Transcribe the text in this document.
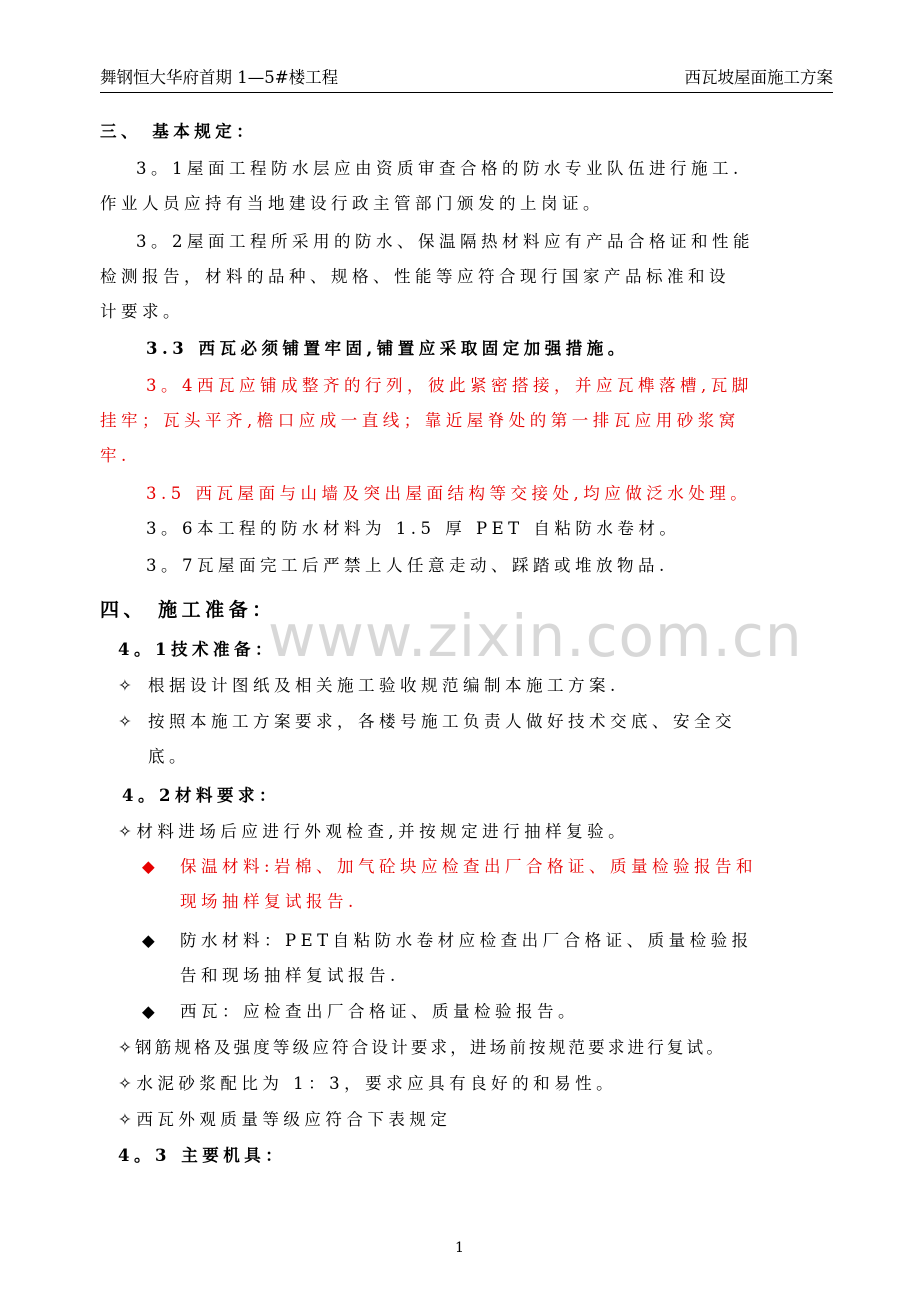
舞钢恒大华府首期 1—5#楼工程	西瓦坡屋面施工方案
www.zixin.com.cn
三、 基本规定：
3。1屋面工程防水层应由资质审查合格的防水专业队伍进行施工.
作业人员应持有当地建设行政主管部门颁发的上岗证。
3。2屋面工程所采用的防水、保温隔热材料应有产品合格证和性能
检测报告，材料的品种、规格、性能等应符合现行国家产品标准和设
计要求。
3.3 西瓦必须铺置牢固,铺置应采取固定加强措施。
3。4西瓦应铺成整齐的行列，彼此紧密搭接，并应瓦榫落槽,瓦脚
挂牢；瓦头平齐,檐口应成一直线；靠近屋脊处的第一排瓦应用砂浆窝
牢.
3.5 西瓦屋面与山墙及突出屋面结构等交接处,均应做泛水处理。
3。6本工程的防水材料为 1.5 厚 PET 自粘防水卷材。
3。7瓦屋面完工后严禁上人任意走动、踩踏或堆放物品.
四、 施工准备：
4。1技术准备：
✧ 根据设计图纸及相关施工验收规范编制本施工方案.
✧ 按照本施工方案要求，各楼号施工负责人做好技术交底、安全交
底。
4。2材料要求：
✧材料进场后应进行外观检查,并按规定进行抽样复验。
◆ 保温材料:岩棉、加气砼块应检查出厂合格证、质量检验报告和
现场抽样复试报告.
◆ 防水材料：PET自粘防水卷材应检查出厂合格证、质量检验报
告和现场抽样复试报告.
◆ 西瓦：应检查出厂合格证、质量检验报告。
✧钢筋规格及强度等级应符合设计要求，进场前按规范要求进行复试。
✧水泥砂浆配比为 1：3，要求应具有良好的和易性。
✧西瓦外观质量等级应符合下表规定
4。3 主要机具：
1
